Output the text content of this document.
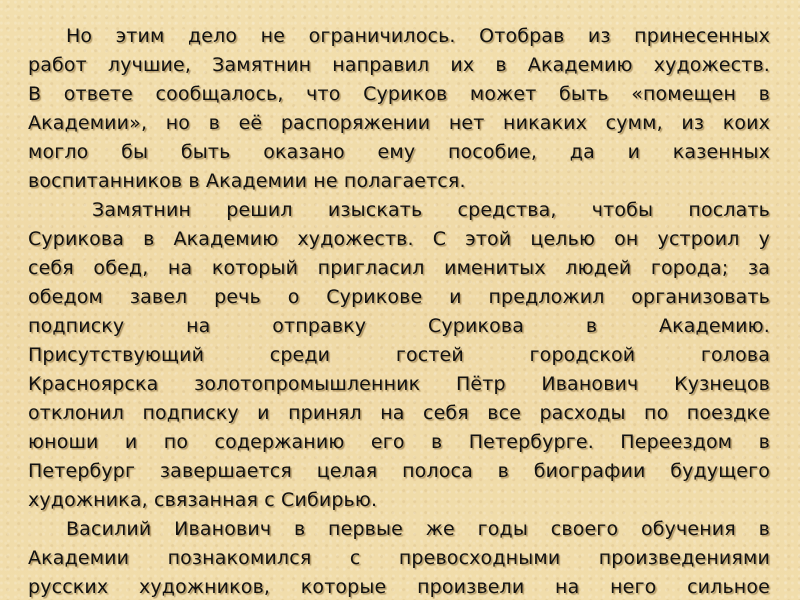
Но этим дело не ограничилось. Отобрав из принесенных
работ лучшие, Замятнин направил их в Академию художеств.
В ответе сообщалось, что Суриков может быть «помещен в
Академии», но в её распоряжении нет никаких сумм, из коих
могло бы быть оказано ему пособие, да и казенных
воспитанников в Академии не полагается.
Замятнин решил изыскать средства, чтобы послать
Сурикова в Академию художеств. С этой целью он устроил у
себя обед, на который пригласил именитых людей города; за
обедом завел речь о Сурикове и предложил организовать
подписку на отправку Сурикова в Академию.
Присутствующий среди гостей городской голова
Красноярска золотопромышленник Пётр Иванович Кузнецов
отклонил подписку и принял на себя все расходы по поездке
юноши и по содержанию его в Петербурге. Переездом в
Петербург завершается целая полоса в биографии будущего
художника, связанная с Сибирью.
Василий Иванович в первые же годы своего обучения в
Академии познакомился с превосходными произведениями
русских художников, которые произвели на него сильное
